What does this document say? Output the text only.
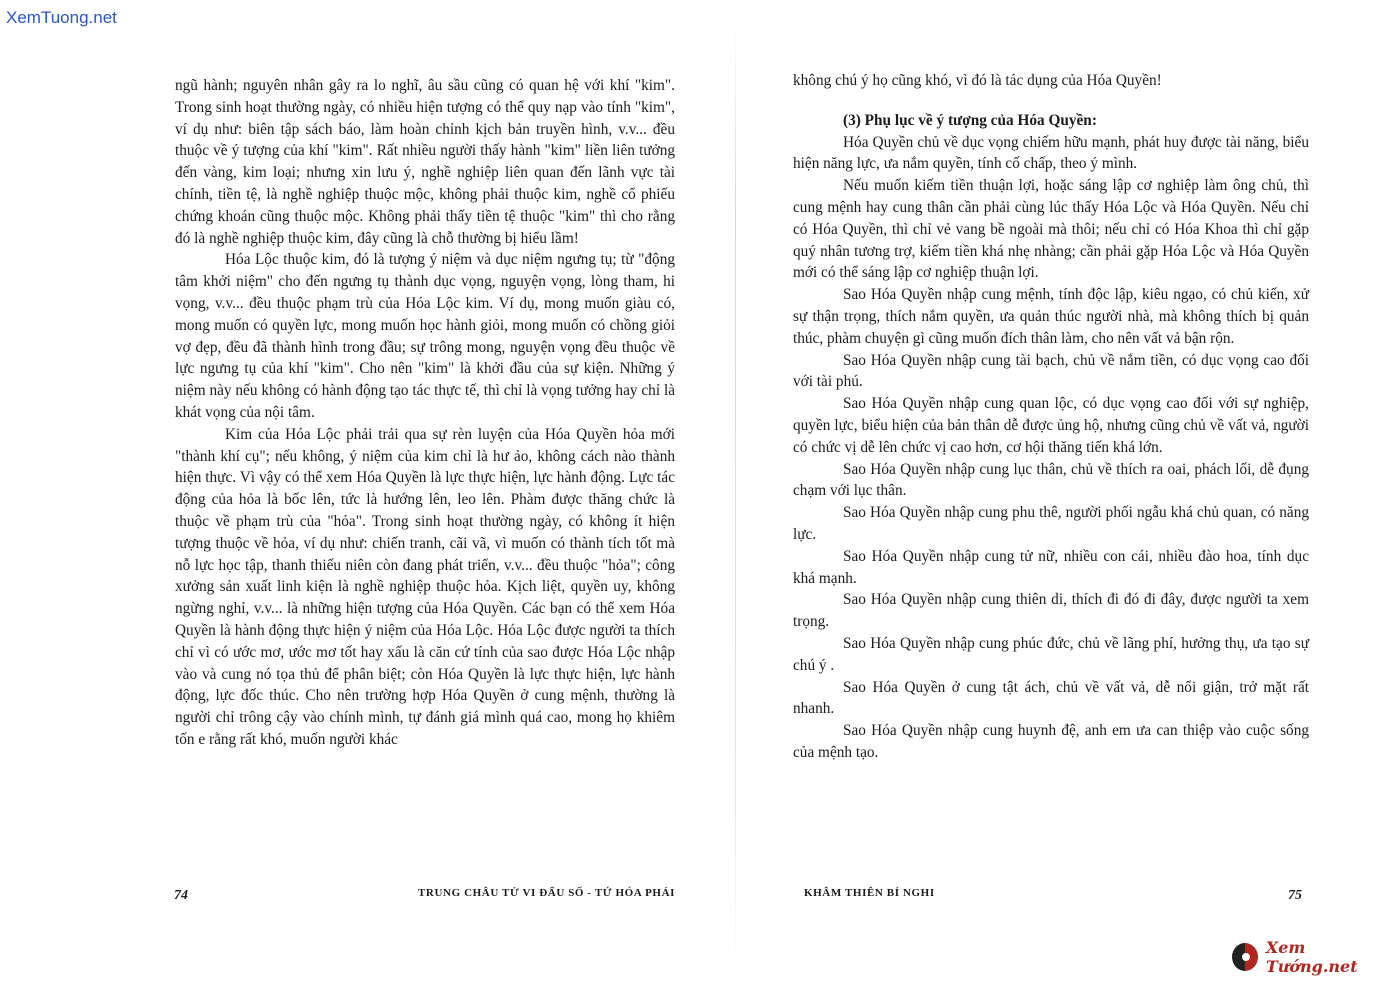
XemTuong.net

ngũ hành; nguyên nhân gây ra lo nghĩ, âu sầu cũng có quan hệ với khí "kim". Trong sinh hoạt thường ngày, có nhiều hiện tượng có thể quy nạp vào tính "kim", ví dụ như: biên tập sách báo, làm hoàn chỉnh kịch bản truyền hình, v.v... đều thuộc về ý tượng của khí "kim". Rất nhiều người thấy hành "kim" liền liên tưởng đến vàng, kim loại; nhưng xin lưu ý, nghề nghiệp liên quan đến lãnh vực tài chính, tiền tệ, là nghề nghiệp thuộc mộc, không phải thuộc kim, nghề cổ phiếu chứng khoán cũng thuộc mộc. Không phải thấy tiền tệ thuộc "kim" thì cho rằng đó là nghề nghiệp thuộc kim, đây cũng là chỗ thường bị hiểu lầm!

Hóa Lộc thuộc kim, đó là tượng ý niệm và dục niệm ngưng tụ; từ "động tâm khởi niệm" cho đến ngưng tụ thành dục vọng, nguyện vọng, lòng tham, hi vọng, v.v... đều thuộc phạm trù của Hóa Lộc kim. Ví dụ, mong muốn giàu có, mong muốn có quyền lực, mong muốn học hành giỏi, mong muốn có chồng giỏi vợ đẹp, đều đã thành hình trong đầu; sự trông mong, nguyện vọng đều thuộc về lực ngưng tụ của khí "kim". Cho nên "kim" là khởi đầu của sự kiện. Những ý niệm này nếu không có hành động tạo tác thực tế, thì chỉ là vọng tưởng hay chỉ là khát vọng của nội tâm.

Kim của Hóa Lộc phải trải qua sự rèn luyện của Hóa Quyền hỏa mới "thành khí cụ"; nếu không, ý niệm của kim chỉ là hư ảo, không cách nào thành hiện thực. Vì vậy có thể xem Hóa Quyền là lực thực hiện, lực hành động. Lực tác động của hỏa là bốc lên, tức là hướng lên, leo lên. Phàm được thăng chức là thuộc về phạm trù của "hỏa". Trong sinh hoạt thường ngày, có không ít hiện tượng thuộc về hỏa, ví dụ như: chiến tranh, cãi vã, vì muốn có thành tích tốt mà nỗ lực học tập, thanh thiếu niên còn đang phát triển, v.v... đều thuộc "hỏa"; công xưởng sản xuất linh kiện là nghề nghiệp thuộc hỏa. Kịch liệt, quyền uy, không ngừng nghỉ, v.v... là những hiện tượng của Hóa Quyền. Các bạn có thể xem Hóa Quyền là hành động thực hiện ý niệm của Hóa Lộc. Hóa Lộc được người ta thích chỉ vì có ước mơ, ước mơ tốt hay xấu là căn cứ tính của sao được Hóa Lộc nhập vào và cung nó tọa thủ để phân biệt; còn Hóa Quyền là lực thực hiện, lực hành động, lực đốc thúc. Cho nên trường hợp Hóa Quyền ở cung mệnh, thường là người chỉ trông cậy vào chính mình, tự đánh giá mình quá cao, mong họ khiêm tốn e rằng rất khó, muốn người khác

74	TRUNG CHÂU TỬ VI ĐẨU SỐ - TỨ HÓA PHÁI

không chú ý họ cũng khó, vì đó là tác dụng của Hóa Quyền!

(3) Phụ lục về ý tượng của Hóa Quyền:

Hóa Quyền chủ về dục vọng chiếm hữu mạnh, phát huy được tài năng, biểu hiện năng lực, ưa nắm quyền, tính cố chấp, theo ý mình.

Nếu muốn kiếm tiền thuận lợi, hoặc sáng lập cơ nghiệp làm ông chủ, thì cung mệnh hay cung thân cần phải cùng lúc thấy Hóa Lộc và Hóa Quyền. Nếu chỉ có Hóa Quyền, thì chỉ vẻ vang bề ngoài mà thôi; nếu chỉ có Hóa Khoa thì chỉ gặp quý nhân tương trợ, kiếm tiền khá nhẹ nhàng; cần phải gặp Hóa Lộc và Hóa Quyền mới có thể sáng lập cơ nghiệp thuận lợi.

Sao Hóa Quyền nhập cung mệnh, tính độc lập, kiêu ngạo, có chủ kiến, xử sự thận trọng, thích nắm quyền, ưa quản thúc người nhà, mà không thích bị quản thúc, phàm chuyện gì cũng muốn đích thân làm, cho nên vất vả bận rộn.

Sao Hóa Quyền nhập cung tài bạch, chủ về nắm tiền, có dục vọng cao đối với tài phú.

Sao Hóa Quyền nhập cung quan lộc, có dục vọng cao đối với sự nghiệp, quyền lực, biểu hiện của bản thân dễ được ủng hộ, nhưng cũng chủ về vất vả, người có chức vị dễ lên chức vị cao hơn, cơ hội thăng tiến khá lớn.

Sao Hóa Quyền nhập cung lục thân, chủ về thích ra oai, phách lối, dễ đụng chạm với lục thân.

Sao Hóa Quyền nhập cung phu thê, người phối ngẫu khá chủ quan, có năng lực.

Sao Hóa Quyền nhập cung tử nữ, nhiều con cái, nhiều đào hoa, tính dục khá mạnh.

Sao Hóa Quyền nhập cung thiên di, thích đi đó đi đây, được người ta xem trọng.

Sao Hóa Quyền nhập cung phúc đức, chủ về lãng phí, hưởng thụ, ưa tạo sự chú ý .

Sao Hóa Quyền ở cung tật ách, chủ về vất vả, dễ nổi giận, trở mặt rất nhanh.

Sao Hóa Quyền nhập cung huynh đệ, anh em ưa can thiệp vào cuộc sống của mệnh tạo.

KHÂM THIÊN BÍ NGHI	75
Xem Tướng.net
